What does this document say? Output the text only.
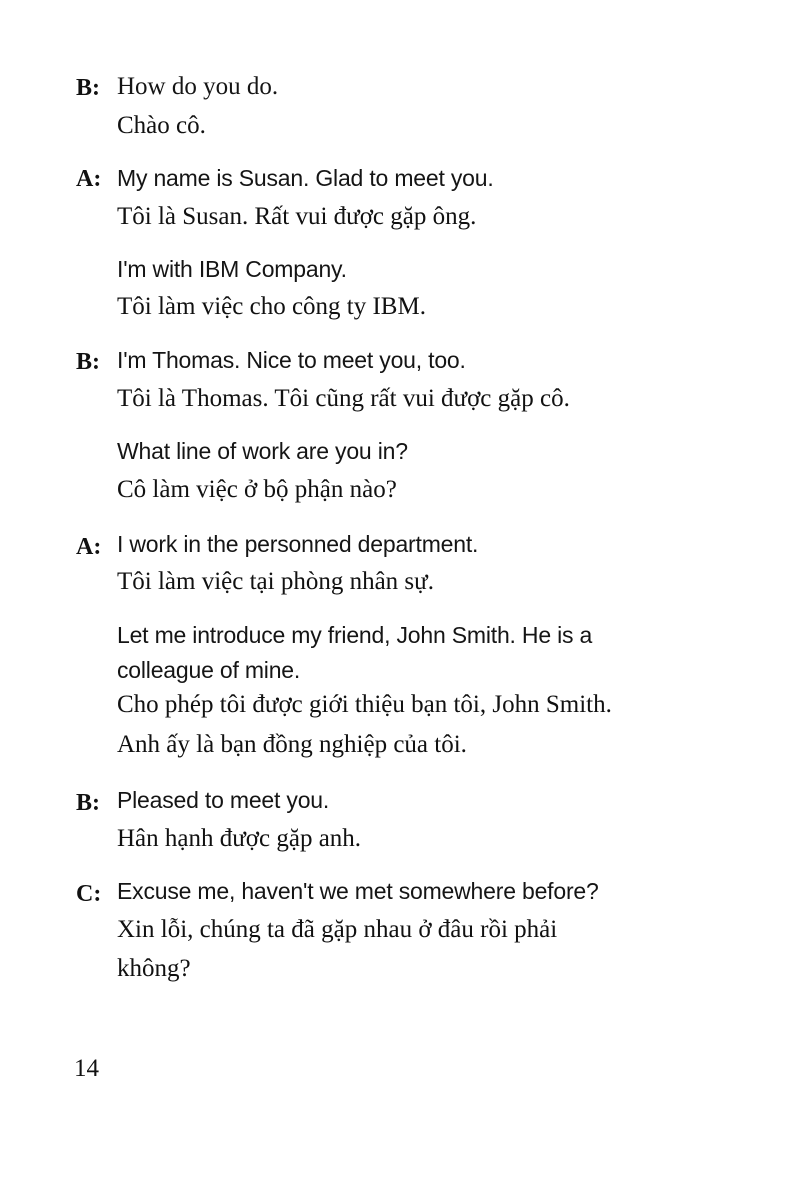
B: How do you do.
Chào cô.
A: My name is Susan. Glad to meet you.
Tôi là Susan. Rất vui được gặp ông.
I'm with IBM Company.
Tôi làm việc cho công ty IBM.
B: I'm Thomas. Nice to meet you, too.
Tôi là Thomas. Tôi cũng rất vui được gặp cô.
What line of work are you in?
Cô làm việc ở bộ phận nào?
A: I work in the personned department.
Tôi làm việc tại phòng nhân sự.
Let me introduce my friend, John Smith. He is a
colleague of mine.
Cho phép tôi được giới thiệu bạn tôi, John Smith.
Anh ấy là bạn đồng nghiệp của tôi.
B: Pleased to meet you.
Hân hạnh được gặp anh.
C: Excuse me, haven't we met somewhere before?
Xin lỗi, chúng ta đã gặp nhau ở đâu rồi phải
không?
14
